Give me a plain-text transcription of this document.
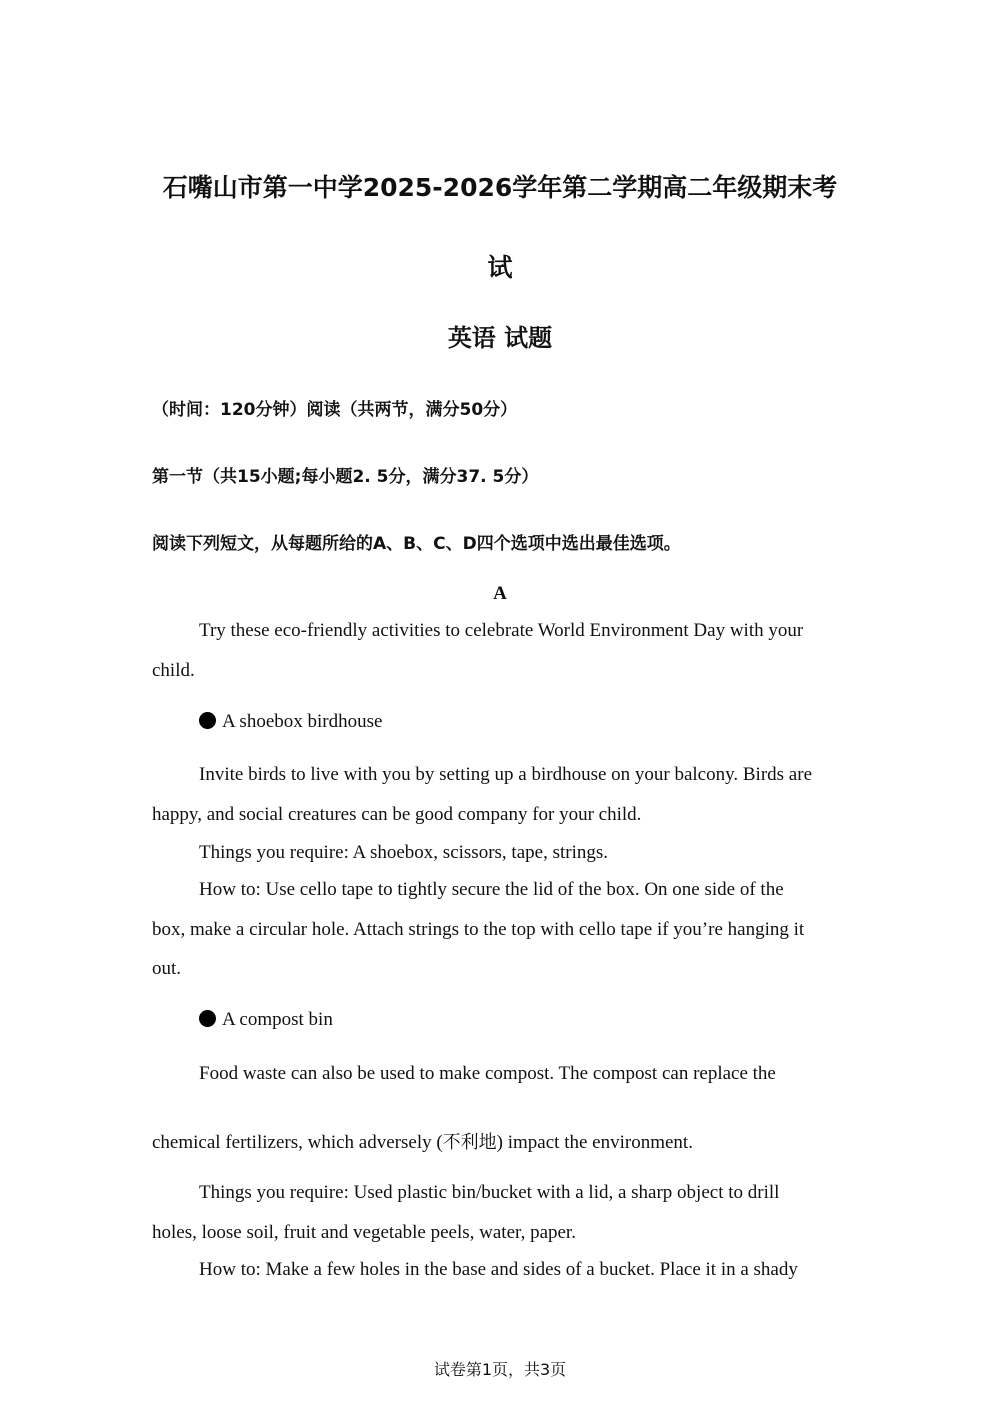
石嘴山市第一中学2025-2026学年第二学期高二年级期末考
试
英语 试题
（时间：120分钟）阅读（共两节，满分50分）
第一节（共15小题;每小题2. 5分，满分37. 5分）
阅读下列短文，从每题所给的A、B、C、D四个选项中选出最佳选项。
A
Try these eco-friendly activities to celebrate World Environment Day with your
child.
A shoebox birdhouse
Invite birds to live with you by setting up a birdhouse on your balcony. Birds are
happy, and social creatures can be good company for your child.
Things you require: A shoebox, scissors, tape, strings.
How to: Use cello tape to tightly secure the lid of the box. On one side of the
box, make a circular hole. Attach strings to the top with cello tape if you’re hanging it
out.
A compost bin
Food waste can also be used to make compost. The compost can replace the
chemical fertilizers, which adversely (不利地) impact the environment.
Things you require: Used plastic bin/bucket with a lid, a sharp object to drill
holes, loose soil, fruit and vegetable peels, water, paper.
How to: Make a few holes in the base and sides of a bucket. Place it in a shady
试卷第1页，共3页
